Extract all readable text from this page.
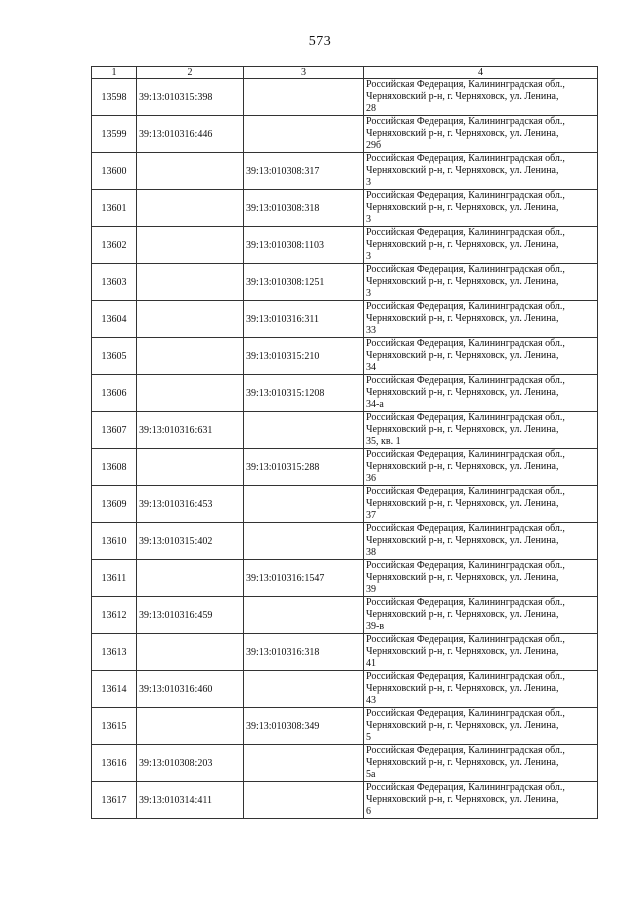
573
1	2	3	4
13598	39:13:010315:398		Российская Федерация, Калининградская обл.,
Черняховский р-н, г. Черняховск, ул. Ленина,
28

13599	39:13:010316:446		Российская Федерация, Калининградская обл.,
Черняховский р-н, г. Черняховск, ул. Ленина,
29б

13600		39:13:010308:317	Российская Федерация, Калининградская обл.,
Черняховский р-н, г. Черняховск, ул. Ленина,
3

13601		39:13:010308:318	Российская Федерация, Калининградская обл.,
Черняховский р-н, г. Черняховск, ул. Ленина,
3

13602		39:13:010308:1103	Российская Федерация, Калининградская обл.,
Черняховский р-н, г. Черняховск, ул. Ленина,
3

13603		39:13:010308:1251	Российская Федерация, Калининградская обл.,
Черняховский р-н, г. Черняховск, ул. Ленина,
3

13604		39:13:010316:311	Российская Федерация, Калининградская обл.,
Черняховский р-н, г. Черняховск, ул. Ленина,
33

13605		39:13:010315:210	Российская Федерация, Калининградская обл.,
Черняховский р-н, г. Черняховск, ул. Ленина,
34

13606		39:13:010315:1208	Российская Федерация, Калининградская обл.,
Черняховский р-н, г. Черняховск, ул. Ленина,
34-а

13607	39:13:010316:631		Российская Федерация, Калининградская обл.,
Черняховский р-н, г. Черняховск, ул. Ленина,
35, кв. 1

13608		39:13:010315:288	Российская Федерация, Калининградская обл.,
Черняховский р-н, г. Черняховск, ул. Ленина,
36

13609	39:13:010316:453		Российская Федерация, Калининградская обл.,
Черняховский р-н, г. Черняховск, ул. Ленина,
37

13610	39:13:010315:402		Российская Федерация, Калининградская обл.,
Черняховский р-н, г. Черняховск, ул. Ленина,
38

13611		39:13:010316:1547	Российская Федерация, Калининградская обл.,
Черняховский р-н, г. Черняховск, ул. Ленина,
39

13612	39:13:010316:459		Российская Федерация, Калининградская обл.,
Черняховский р-н, г. Черняховск, ул. Ленина,
39-в

13613		39:13:010316:318	Российская Федерация, Калининградская обл.,
Черняховский р-н, г. Черняховск, ул. Ленина,
41

13614	39:13:010316:460		Российская Федерация, Калининградская обл.,
Черняховский р-н, г. Черняховск, ул. Ленина,
43

13615		39:13:010308:349	Российская Федерация, Калининградская обл.,
Черняховский р-н, г. Черняховск, ул. Ленина,
5

13616	39:13:010308:203		Российская Федерация, Калининградская обл.,
Черняховский р-н, г. Черняховск, ул. Ленина,
5а

13617	39:13:010314:411		Российская Федерация, Калининградская обл.,
Черняховский р-н, г. Черняховск, ул. Ленина,
6
